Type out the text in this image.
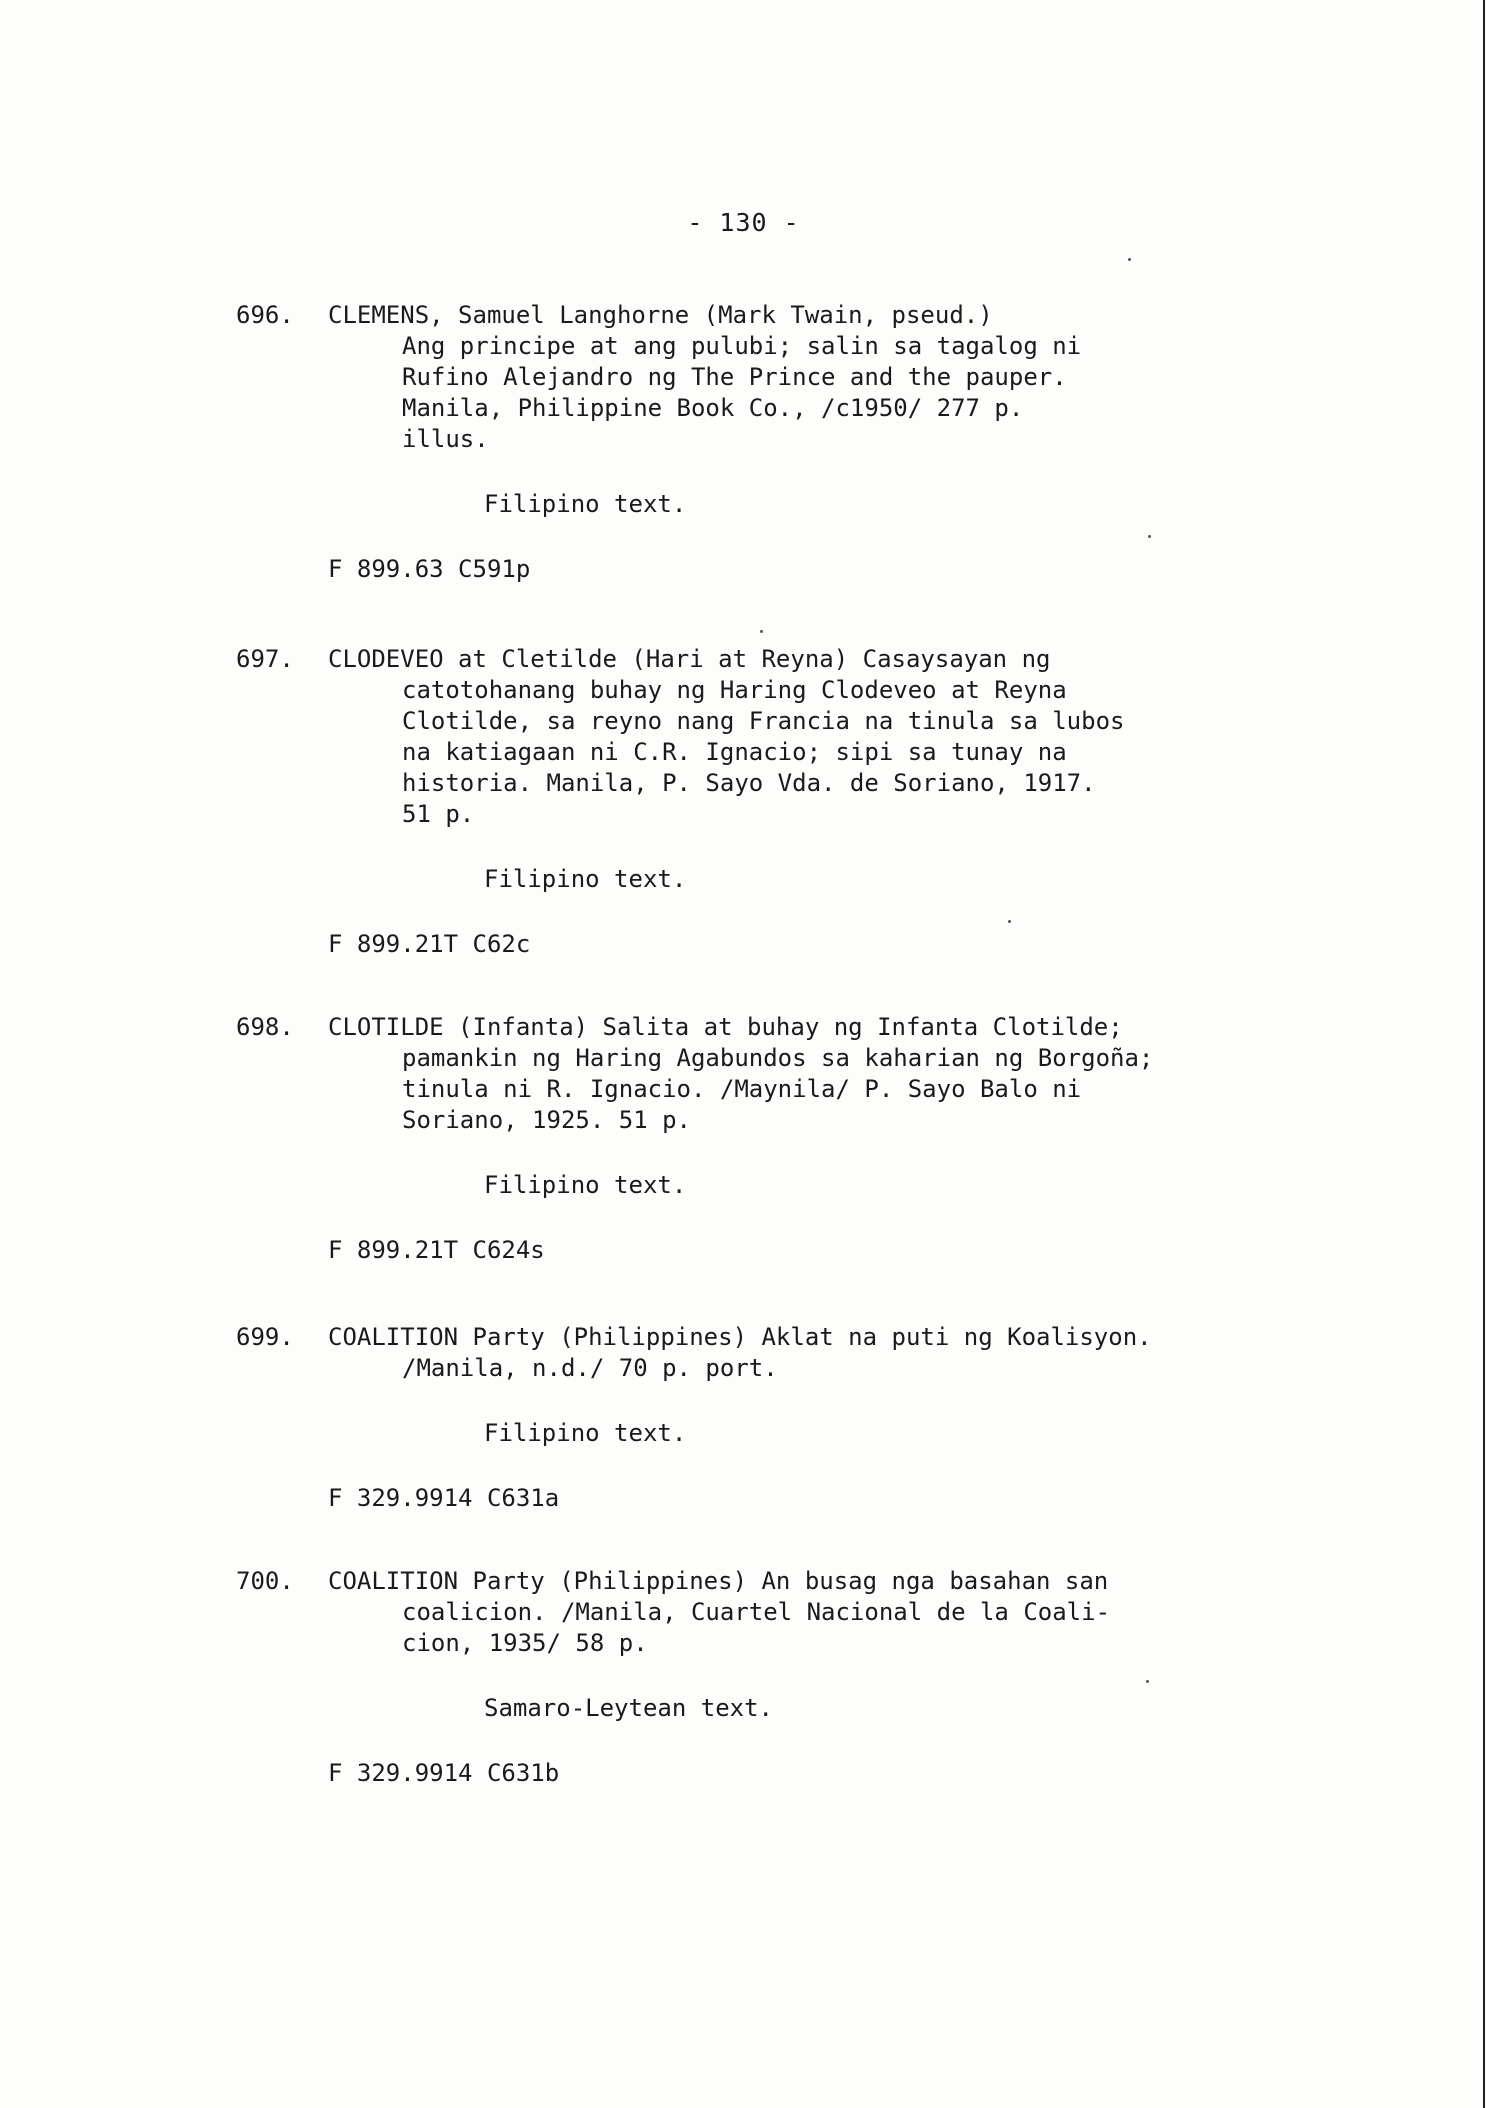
- 130 -
696.	CLEMENS, Samuel Langhorne (Mark Twain, pseud.)
Ang principe at ang pulubi; salin sa tagalog ni
Rufino Alejandro ng The Prince and the pauper.
Manila, Philippine Book Co., ∕c1950∕ 277 p.
illus.
Filipino text.
F 899.63 C591p
697.	CLODEVEO at Cletilde (Hari at Reyna) Casaysayan ng
catotohanang buhay ng Haring Clodeveo at Reyna
Clotilde, sa reyno nang Francia na tinula sa lubos
na katiagaan ni C.R. Ignacio; sipi sa tunay na
historia. Manila, P. Sayo Vda. de Soriano, 1917.
51 p.
Filipino text.
F 899.21T C62c
698.	CLOTILDE (Infanta) Salita at buhay ng Infanta Clotilde;
pamankin ng Haring Agabundos sa kaharian ng Borgoña;
tinula ni R. Ignacio. ∕Maynila∕ P. Sayo Balo ni
Soriano, 1925. 51 p.
Filipino text.
F 899.21T C624s
699.	COALITION Party (Philippines) Aklat na puti ng Koalisyon.
∕Manila, n.d.∕ 70 p. port.
Filipino text.
F 329.9914 C631a
700.	COALITION Party (Philippines) An busag nga basahan san
coalicion. ∕Manila, Cuartel Nacional de la Coali-
cion, 1935∕ 58 p.
Samaro-Leytean text.
F 329.9914 C631b
